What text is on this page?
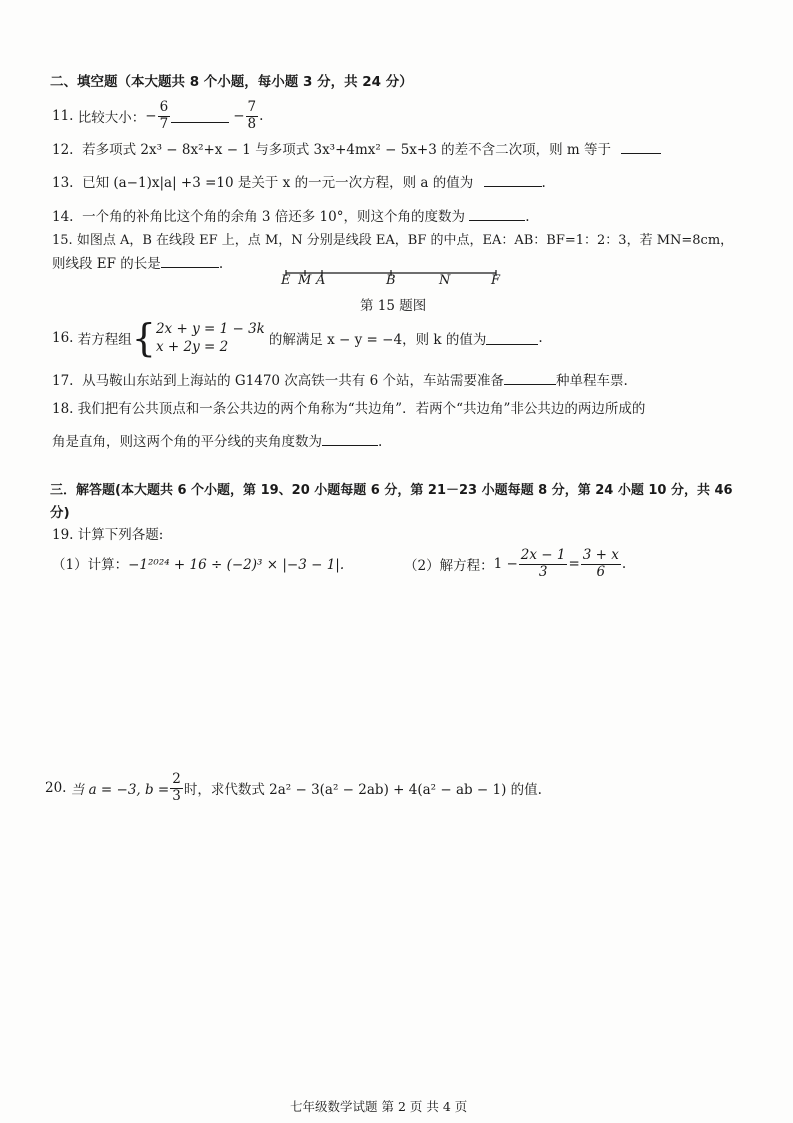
二、填空题（本大题共 8 个小题，每小题 3 分，共 24 分）
11.
比较大小： − $\frac{6}{7}$	− $\frac{7}{8}$ .
12. 若多项式 2x³ − 8x²+x − 1 与多项式 3x³+4mx² − 5x+3 的差不含二次项，则 m 等于
13. 已知 (a−1)x|a| +3 =10 是关于 x 的一元一次方程，则 a 的值为	.
14. 一个角的补角比这个角的余角 3 倍还多 10°，则这个角的度数为	.
15. 如图点 A，B 在线段 EF 上，点 M，N 分别是线段 EA，BF 的中点，EA：AB：BF=1：2：3，若 MN=8cm，
则线段 EF 的长是	.
E M A	B	N	F
第 15 题图
16.
若方程组 { 2x + y = 1 − 3k
x + 2y = 2	的解满足 x − y = −4，则 k 的值为	.
17. 从马鞍山东站到上海站的 G1470 次高铁一共有 6 个站，车站需要准备	种单程车票.
18. 我们把有公共顶点和一条公共边的两个角称为“共边角”．若两个“共边角”非公共边的两边所成的
角是直角，则这两个角的平分线的夹角度数为	.
三．解答题(本大题共 6 个小题，第 19、20 小题每题 6 分，第 21－23 小题每题 8 分，第 24 小题 10 分，共 46
分)
19. 计算下列各题:
（1）计算：−1²⁰²⁴ + 16 ÷ (−2)³ × |−3 − 1|.	（2）解方程： $1 - \frac{2x - 1}{3} = \frac{3 + x}{6}$ .
20.
当 a = −3, $b = \frac{2}{3}$ 时，求代数式 2a² − 3(a² − 2ab) + 4(a² − ab − 1) 的值.
七年级数学试题 第 2 页 共 4 页
